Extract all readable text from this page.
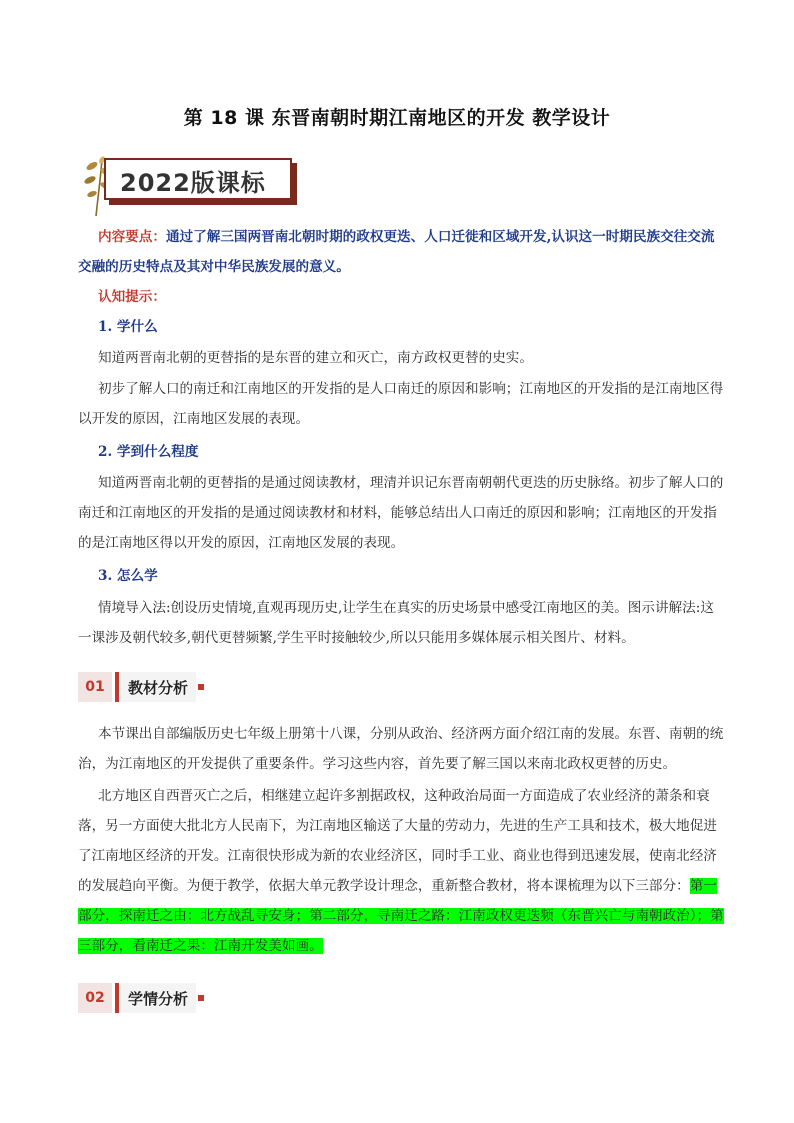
第 18 课 东晋南朝时期江南地区的开发 教学设计
2022版课标
内容要点：通过了解三国两晋南北朝时期的政权更迭、人口迁徙和区域开发,认识这一时期民族交往交流交融的历史特点及其对中华民族发展的意义。
认知提示：
1. 学什么
知道两晋南北朝的更替指的是东晋的建立和灭亡，南方政权更替的史实。
初步了解人口的南迁和江南地区的开发指的是人口南迁的原因和影响；江南地区的开发指的是江南地区得以开发的原因，江南地区发展的表现。
2. 学到什么程度
知道两晋南北朝的更替指的是通过阅读教材，理清并识记东晋南朝朝代更迭的历史脉络。初步了解人口的南迁和江南地区的开发指的是通过阅读教材和材料，能够总结出人口南迁的原因和影响；江南地区的开发指的是江南地区得以开发的原因，江南地区发展的表现。
3. 怎么学
情境导入法:创设历史情境,直观再现历史,让学生在真实的历史场景中感受江南地区的美。图示讲解法:这一课涉及朝代较多,朝代更替频繁,学生平时接触较少,所以只能用多媒体展示相关图片、材料。
01	教材分析
本节课出自部编版历史七年级上册第十八课，分别从政治、经济两方面介绍江南的发展。东晋、南朝的统治，为江南地区的开发提供了重要条件。学习这些内容，首先要了解三国以来南北政权更替的历史。
北方地区自西晋灭亡之后，相继建立起许多割据政权，这种政治局面一方面造成了农业经济的萧条和衰落，另一方面使大批北方人民南下，为江南地区输送了大量的劳动力，先进的生产工具和技术，极大地促进了江南地区经济的开发。江南很快形成为新的农业经济区，同时手工业、商业也得到迅速发展，使南北经济的发展趋向平衡。为便于教学，依据大单元教学设计理念，重新整合教材，将本课梳理为以下三部分：第一部分，探南迁之由：北方战乱寻安身；第二部分，寻南迁之路：江南政权更迭频（东晋兴亡与南朝政治）；第三部分，看南迁之果：江南开发美如画。
02	学情分析
